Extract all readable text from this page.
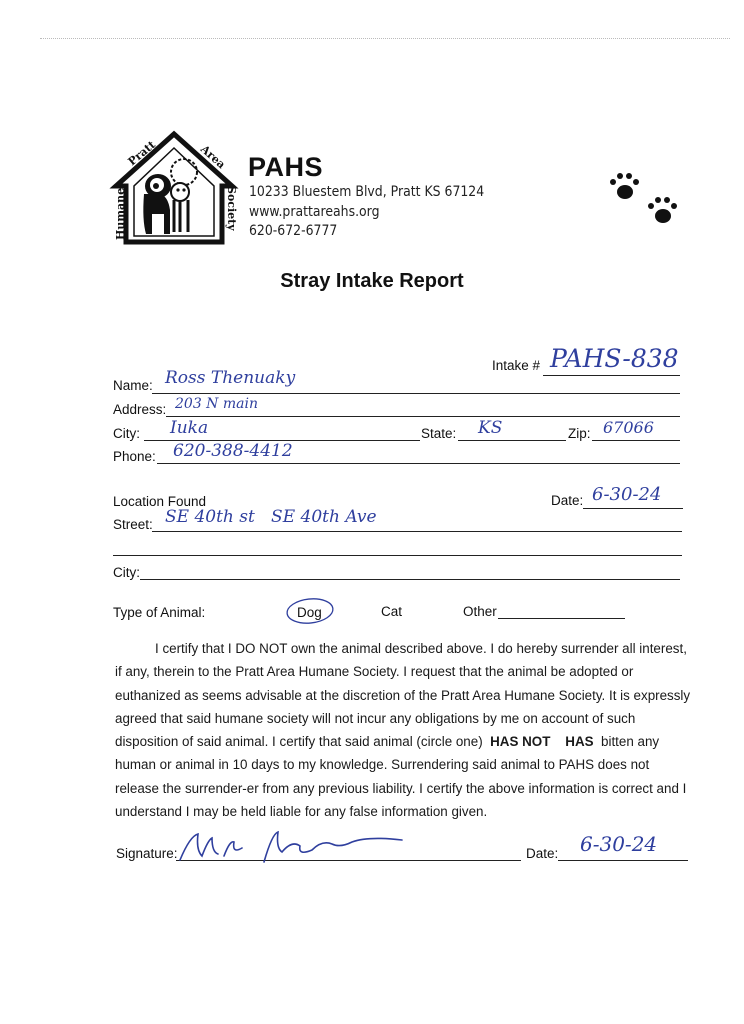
Pratt	Area
Humane	Society
PAHS
10233 Bluestem Blvd, Pratt KS 67124
www.prattareahs.org
620-672-6777
Stray Intake Report
Intake # PAHS-838
Name: Ross Thenuaky
Address: 203 N main
City: Iuka	State: KS	Zip: 67066
Phone: 620-388-4412
Location Found	Date: 6-30-24
Street: SE 40th st   SE 40th Ave
City:
Type of Animal:	Dog	Cat	Other
I certify that I DO NOT own the animal described above. I do hereby surrender all interest, if any, therein to the Pratt Area Humane Society. I request that the animal be adopted or euthanized as seems advisable at the discretion of the Pratt Area Humane Society. It is expressly agreed that said humane society will not incur any obligations by me on account of such disposition of said animal. I certify that said animal (circle one) HAS NOT HAS bitten any human or animal in 10 days to my knowledge. Surrendering said animal to PAHS does not release the surrender-er from any previous liability. I certify the above information is correct and I understand I may be held liable for any false information given.
Signature:	Date: 6-30-24
